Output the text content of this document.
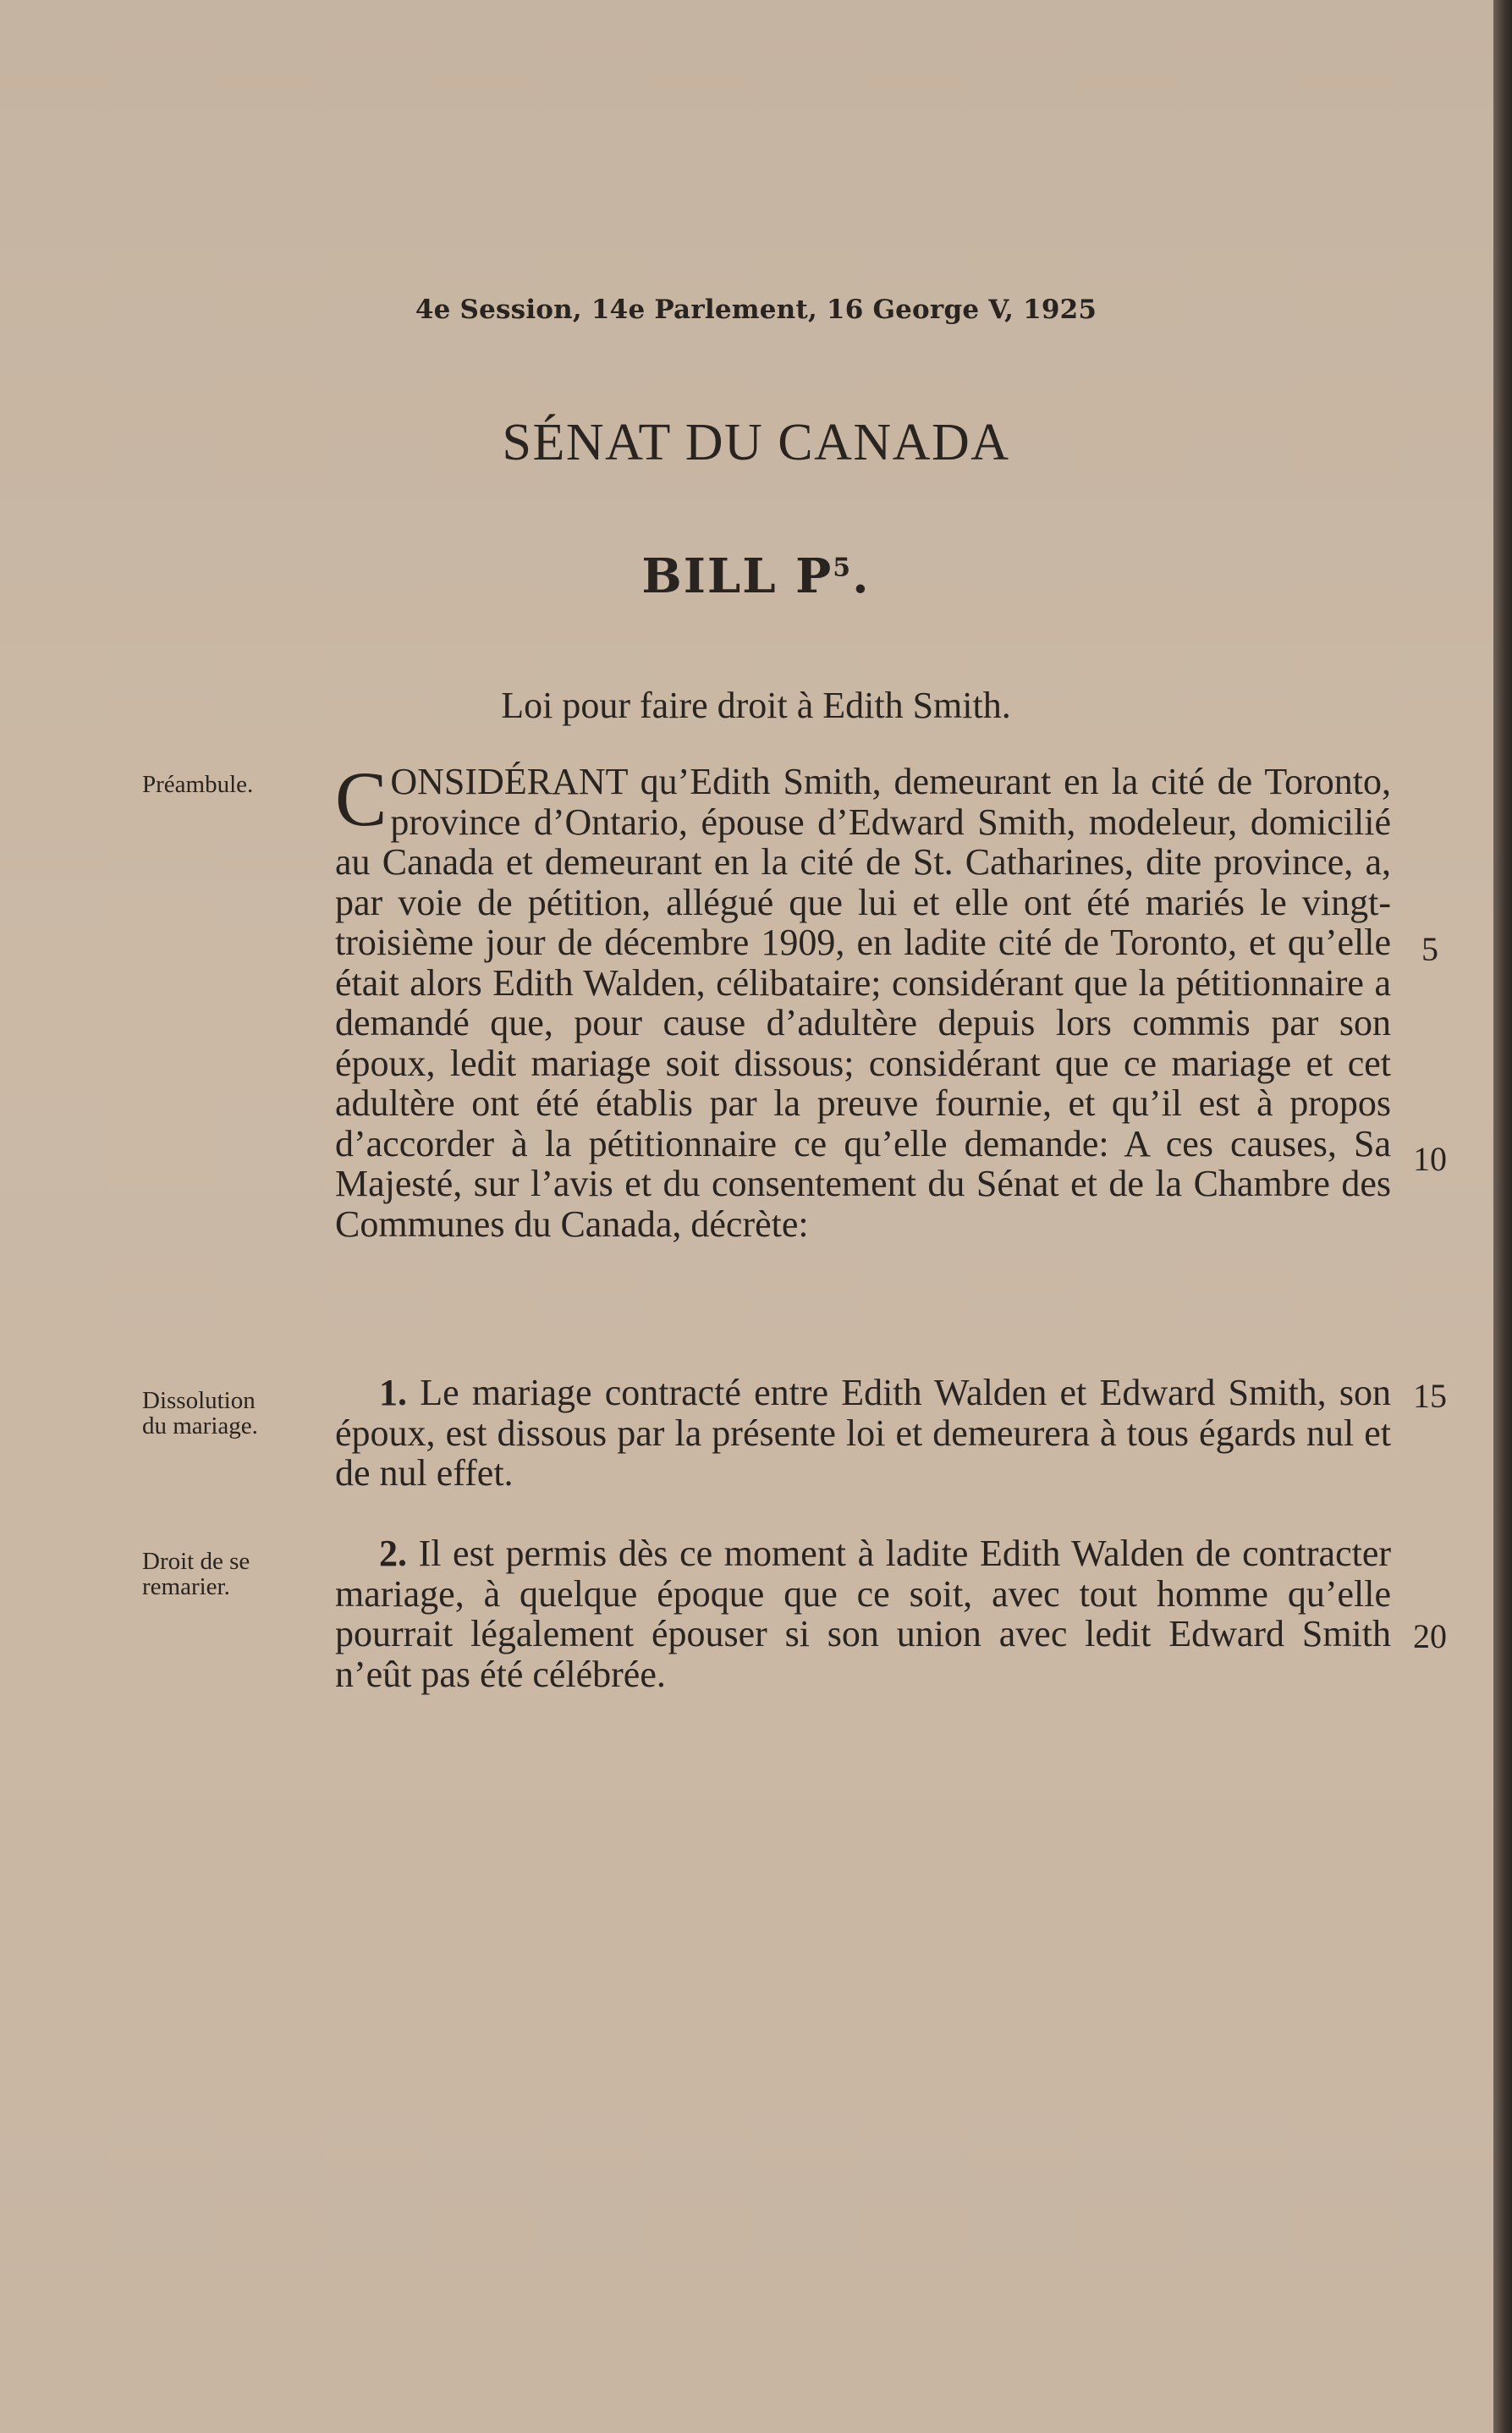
4e Session, 14e Parlement, 16 George V, 1925
SÉNAT DU CANADA
BILL $P^5$.
Loi pour faire droit à Edith Smith.
Préambule.	CONSIDÉRANT qu’Edith Smith, demeurant en la cité de Toronto, province d’Ontario, épouse d’Edward Smith, modeleur, domicilié au Canada et demeurant en la cité de St. Catharines, dite province, a, par voie de pétition, allégué que lui et elle ont été mariés le vingt-troisième jour de décembre 1909, en ladite cité de Toronto, et qu’elle était alors Edith Walden, célibataire; considérant que la pétitionnaire a demandé que, pour cause d’adultère depuis lors commis par son époux, ledit mariage soit dissous; considérant que ce mariage et cet adultère ont été établis par la preuve fournie, et qu’il est à propos d’accorder à la pétitionnaire ce qu’elle demande: A ces causes, Sa Majesté, sur l’avis et du consentement du Sénat et de la Chambre des Communes du Canada, décrète:
Dissolution
du mariage.
1. Le mariage contracté entre Edith Walden et Edward Smith, son époux, est dissous par la présente loi et demeurera à tous égards nul et de nul effet.
Droit de se
remarier.
2. Il est permis dès ce moment à ladite Edith Walden de contracter mariage, à quelque époque que ce soit, avec tout homme qu’elle pourrait légalement épouser si son union avec ledit Edward Smith n’eût pas été célébrée.
5
10
15
20
